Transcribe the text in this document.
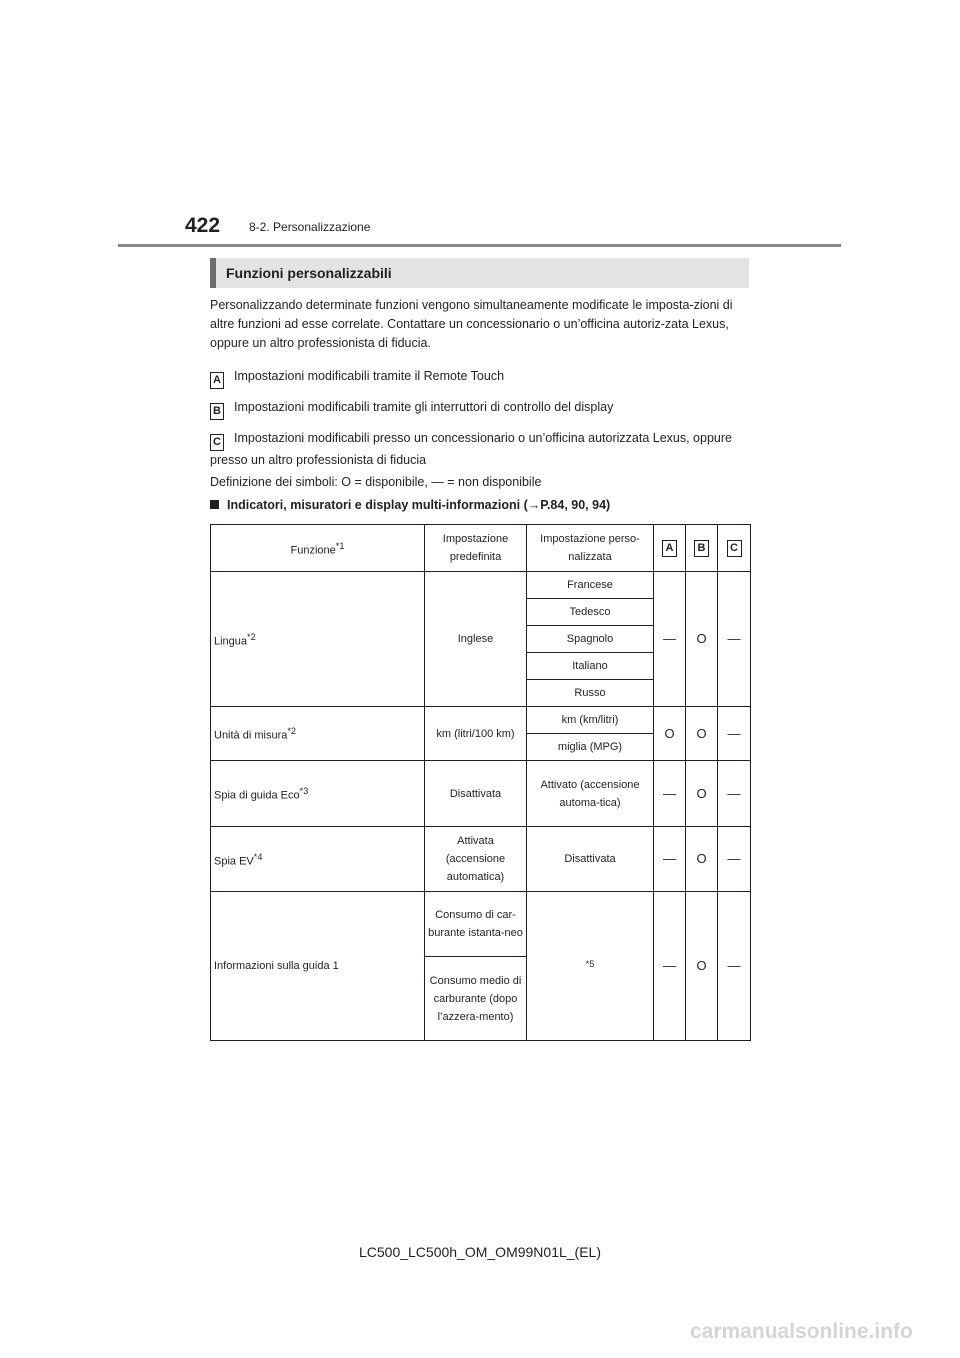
422 8-2. Personalizzazione
Funzioni personalizzabili
Personalizzando determinate funzioni vengono simultaneamente modificate le imposta-zioni di altre funzioni ad esse correlate. Contattare un concessionario o un’officina autoriz-zata Lexus, oppure un altro professionista di fiducia.
A Impostazioni modificabili tramite il Remote Touch
B Impostazioni modificabili tramite gli interruttori di controllo del display
C Impostazioni modificabili presso un concessionario o un’officina autorizzata Lexus, oppure presso un altro professionista di fiducia
Definizione dei simboli: O = disponibile, — = non disponibile
Indicatori, misuratori e display multi-informazioni (→P.84, 90, 94)
Funzione$^{*1}$	Impostazione predefinita	Impostazione perso-nalizzata	A	B	C
Lingua$^{*2}$	Inglese	Francese	—	O	—
		Tedesco			
		Spagnolo			
		Italiano			
		Russo			
Unità di misura$^{*2}$	km (litri/100 km)	km (km/litri)	O	O	—
		miglia (MPG)			
Spia di guida Eco$^{*3}$	Disattivata	Attivato (accensione automa-tica)	—	O	—
Spia EV$^{*4}$	Attivata (accensione automatica)	Disattivata	—	O	—
Informazioni sulla guida 1	Consumo di car-burante istanta-neo	$^{*5}$	—	O	—
	Consumo medio di carburante (dopo l’azzera-mento)				
LC500_LC500h_OM_OM99N01L_(EL)
carmanualsonline.info
